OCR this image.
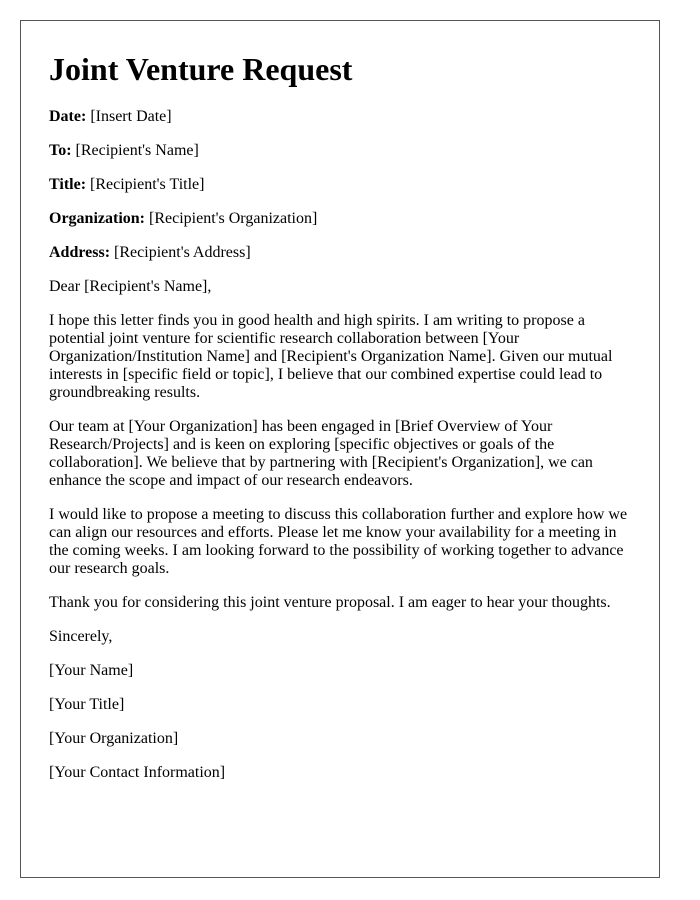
Joint Venture Request
Date: [Insert Date]
To: [Recipient's Name]
Title: [Recipient's Title]
Organization: [Recipient's Organization]
Address: [Recipient's Address]
Dear [Recipient's Name],
I hope this letter finds you in good health and high spirits. I am writing to propose a potential joint venture for scientific research collaboration between [Your Organization/Institution Name] and [Recipient's Organization Name]. Given our mutual interests in [specific field or topic], I believe that our combined expertise could lead to groundbreaking results.
Our team at [Your Organization] has been engaged in [Brief Overview of Your Research/Projects] and is keen on exploring [specific objectives or goals of the collaboration]. We believe that by partnering with [Recipient's Organization], we can enhance the scope and impact of our research endeavors.
I would like to propose a meeting to discuss this collaboration further and explore how we can align our resources and efforts. Please let me know your availability for a meeting in the coming weeks. I am looking forward to the possibility of working together to advance our research goals.
Thank you for considering this joint venture proposal. I am eager to hear your thoughts.
Sincerely,
[Your Name]
[Your Title]
[Your Organization]
[Your Contact Information]
